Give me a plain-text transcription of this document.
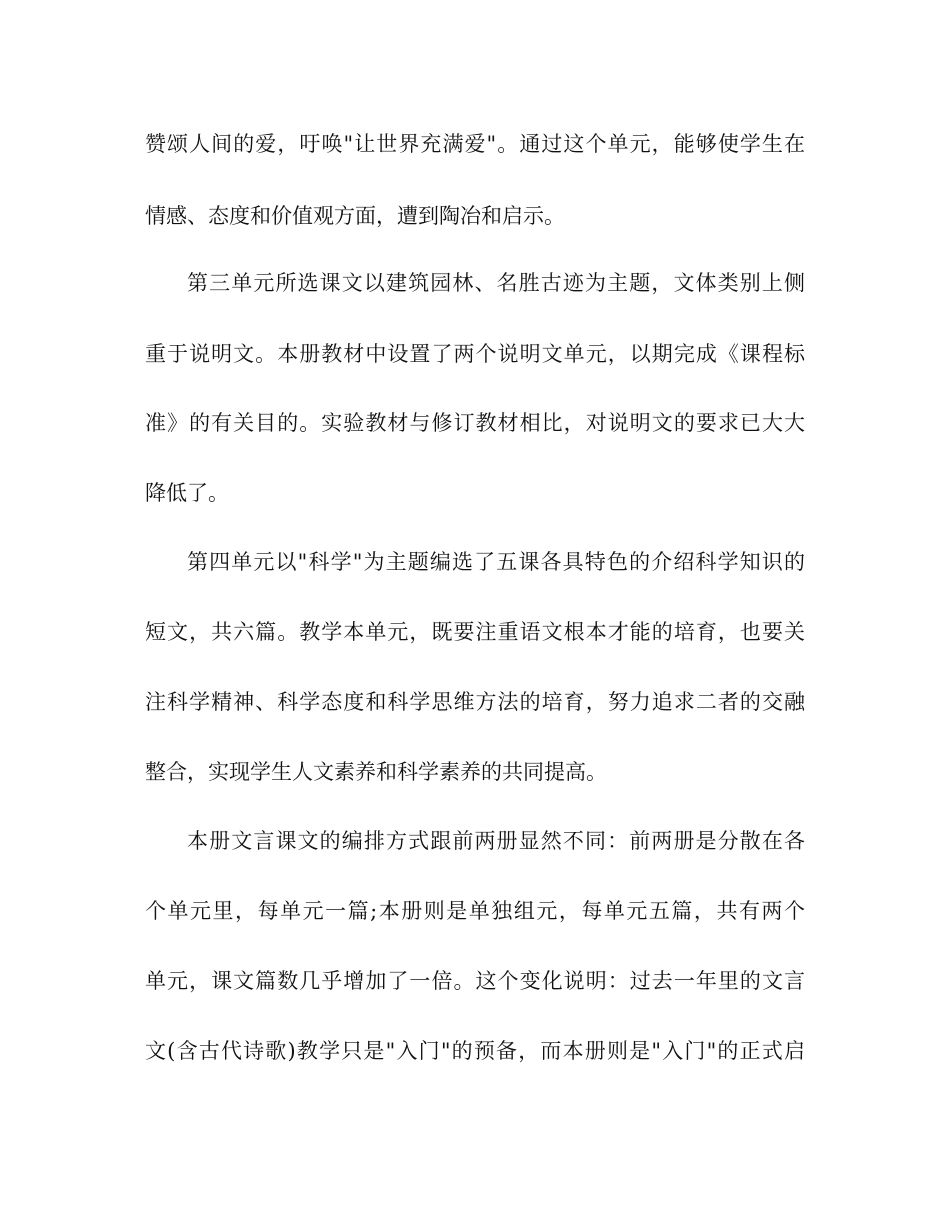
赞颂人间的爱，吁唤"让世界充满爱"。通过这个单元，能够使学生在
情感、态度和价值观方面，遭到陶冶和启示。
第三单元所选课文以建筑园林、名胜古迹为主题，文体类别上侧
重于说明文。本册教材中设置了两个说明文单元，以期完成《课程标
准》的有关目的。实验教材与修订教材相比，对说明文的要求已大大
降低了。
第四单元以"科学"为主题编选了五课各具特色的介绍科学知识的
短文，共六篇。教学本单元，既要注重语文根本才能的培育，也要关
注科学精神、科学态度和科学思维方法的培育，努力追求二者的交融
整合，实现学生人文素养和科学素养的共同提高。
本册文言课文的编排方式跟前两册显然不同：前两册是分散在各
个单元里，每单元一篇;本册则是单独组元，每单元五篇，共有两个
单元，课文篇数几乎增加了一倍。这个变化说明：过去一年里的文言
文(含古代诗歌)教学只是"入门"的预备，而本册则是"入门"的正式启
